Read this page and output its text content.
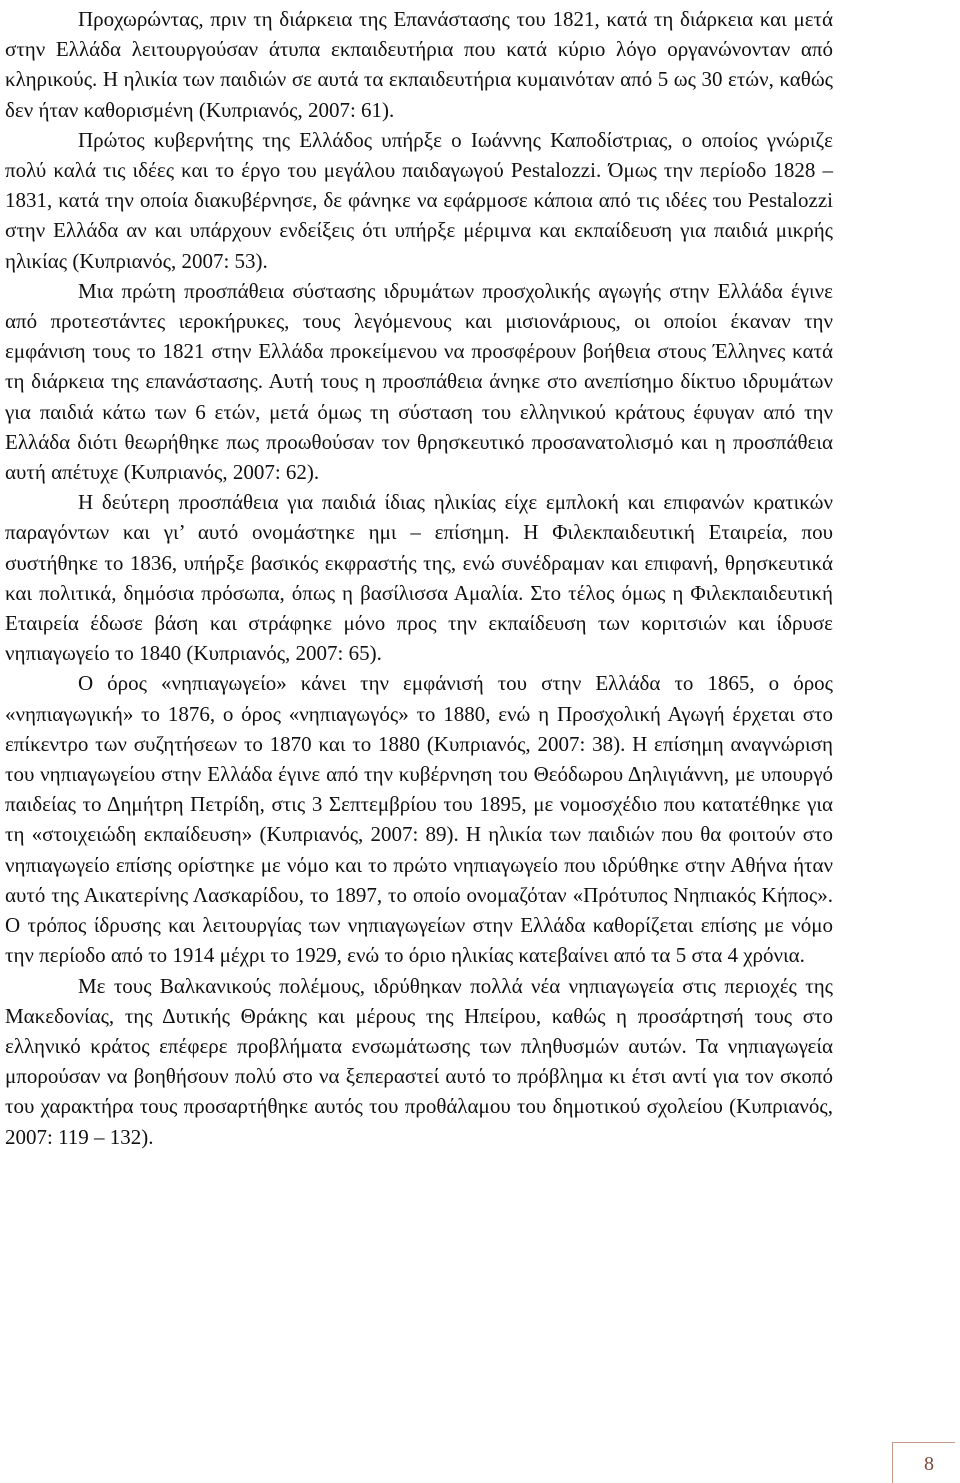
Προχωρώντας, πριν τη διάρκεια της Επανάστασης του 1821, κατά τη διάρκεια και μετά στην Ελλάδα λειτουργούσαν άτυπα εκπαιδευτήρια που κατά κύριο λόγο οργανώνονταν από κληρικούς. Η ηλικία των παιδιών σε αυτά τα εκπαιδευτήρια κυμαινόταν από 5 ως 30 ετών, καθώς δεν ήταν καθορισμένη (Κυπριανός, 2007: 61).

Πρώτος κυβερνήτης της Ελλάδος υπήρξε ο Ιωάννης Καποδίστριας, ο οποίος γνώριζε πολύ καλά τις ιδέες και το έργο του μεγάλου παιδαγωγού Pestalozzi. Όμως την περίοδο 1828 – 1831, κατά την οποία διακυβέρνησε, δε φάνηκε να εφάρμοσε κάποια από τις ιδέες του Pestalozzi στην Ελλάδα αν και υπάρχουν ενδείξεις ότι υπήρξε μέριμνα και εκπαίδευση για παιδιά μικρής ηλικίας (Κυπριανός, 2007: 53).

Μια πρώτη προσπάθεια σύστασης ιδρυμάτων προσχολικής αγωγής στην Ελλάδα έγινε από προτεστάντες ιεροκήρυκες, τους λεγόμενους και μισιονάριους, οι οποίοι έκαναν την εμφάνιση τους το 1821 στην Ελλάδα προκείμενου να προσφέρουν βοήθεια στους Έλληνες κατά τη διάρκεια της επανάστασης. Αυτή τους η προσπάθεια άνηκε στο ανεπίσημο δίκτυο ιδρυμάτων για παιδιά κάτω των 6 ετών, μετά όμως τη σύσταση του ελληνικού κράτους έφυγαν από την Ελλάδα διότι θεωρήθηκε πως προωθούσαν τον θρησκευτικό προσανατολισμό και η προσπάθεια αυτή απέτυχε (Κυπριανός, 2007: 62).

Η δεύτερη προσπάθεια για παιδιά ίδιας ηλικίας είχε εμπλοκή και επιφανών κρατικών παραγόντων και γι’ αυτό ονομάστηκε ημι – επίσημη. Η Φιλεκπαιδευτική Εταιρεία, που συστήθηκε το 1836, υπήρξε βασικός εκφραστής της, ενώ συνέδραμαν και επιφανή, θρησκευτικά και πολιτικά, δημόσια πρόσωπα, όπως η βασίλισσα Αμαλία. Στο τέλος όμως η Φιλεκπαιδευτική Εταιρεία έδωσε βάση και στράφηκε μόνο προς την εκπαίδευση των κοριτσιών και ίδρυσε νηπιαγωγείο το 1840 (Κυπριανός, 2007: 65).

Ο όρος «νηπιαγωγείο» κάνει την εμφάνισή του στην Ελλάδα το 1865, ο όρος «νηπιαγωγική» το 1876, ο όρος «νηπιαγωγός» το 1880, ενώ η Προσχολική Αγωγή έρχεται στο επίκεντρο των συζητήσεων το 1870 και το 1880 (Κυπριανός, 2007: 38). Η επίσημη αναγνώριση του νηπιαγωγείου στην Ελλάδα έγινε από την κυβέρνηση του Θεόδωρου Δηλιγιάννη, με υπουργό παιδείας το Δημήτρη Πετρίδη, στις 3 Σεπτεμβρίου του 1895, με νομοσχέδιο που κατατέθηκε για τη «στοιχειώδη εκπαίδευση» (Κυπριανός, 2007: 89). Η ηλικία των παιδιών που θα φοιτούν στο νηπιαγωγείο επίσης ορίστηκε με νόμο και το πρώτο νηπιαγωγείο που ιδρύθηκε στην Αθήνα ήταν αυτό της Αικατερίνης Λασκαρίδου, το 1897, το οποίο ονομαζόταν «Πρότυπος Νηπιακός Κήπος». Ο τρόπος ίδρυσης και λειτουργίας των νηπιαγωγείων στην Ελλάδα καθορίζεται επίσης με νόμο την περίοδο από το 1914 μέχρι το 1929, ενώ το όριο ηλικίας κατεβαίνει από τα 5 στα 4 χρόνια.

Με τους Βαλκανικούς πολέμους, ιδρύθηκαν πολλά νέα νηπιαγωγεία στις περιοχές της Μακεδονίας, της Δυτικής Θράκης και μέρους της Ηπείρου, καθώς η προσάρτησή τους στο ελληνικό κράτος επέφερε προβλήματα ενσωμάτωσης των πληθυσμών αυτών. Τα νηπιαγωγεία μπορούσαν να βοηθήσουν πολύ στο να ξεπεραστεί αυτό το πρόβλημα κι έτσι αντί για τον σκοπό του χαρακτήρα τους προσαρτήθηκε αυτός του προθάλαμου του δημοτικού σχολείου (Κυπριανός, 2007: 119 – 132).

8
